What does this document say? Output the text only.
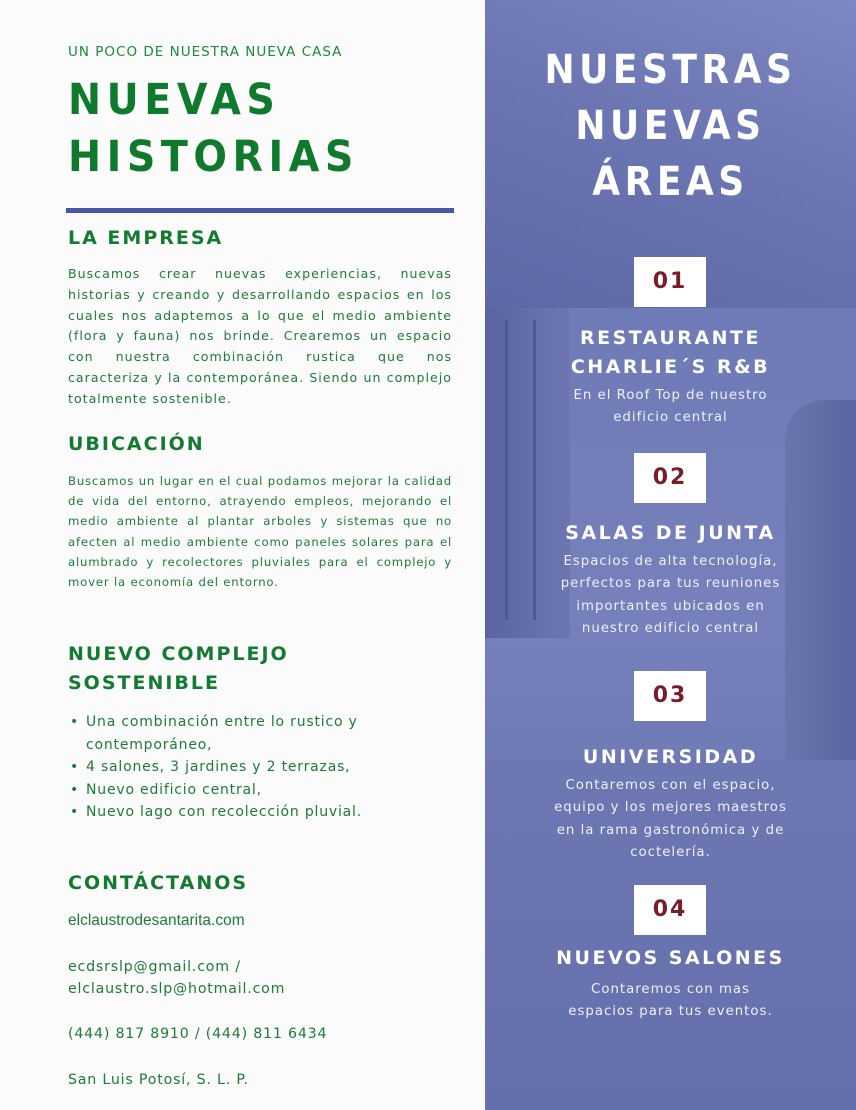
UN POCO DE NUESTRA NUEVA CASA
NUEVAS
HISTORIAS
LA EMPRESA

Buscamos crear nuevas experiencias, nuevas historias y creando y desarrollando espacios en los cuales nos adaptemos a lo que el medio ambiente (flora y fauna) nos brinde. Crearemos un espacio con nuestra combinación rustica que nos caracteriza y la contemporánea. Siendo un complejo totalmente sostenible.

UBICACIÓN

Buscamos un lugar en el cual podamos mejorar la calidad de vida del entorno, atrayendo empleos, mejorando el medio ambiente al plantar arboles y sistemas que no afecten al medio ambiente como paneles solares para el alumbrado y recolectores pluviales para el complejo y mover la economía del entorno.

NUEVO COMPLEJO
SOSTENIBLE
• Una combinación entre lo rustico y contemporáneo,
• 4 salones, 3 jardines y 2 terrazas,
• Nuevo edificio central,
• Nuevo lago con recolección pluvial.
CONTÁCTANOS
elclaustrodesantarita.com
ecdsrslp@gmail.com /
elclaustro.slp@hotmail.com
(444) 817 8910 / (444) 811 6434
San Luis Potosí, S. L. P.
NUESTRAS
NUEVAS
ÁREAS
01
RESTAURANTE
CHARLIE´S R&B

En el Roof Top de nuestro
edificio central

02
SALAS DE JUNTA

Espacios de alta tecnología,
perfectos para tus reuniones
importantes ubicados en
nuestro edificio central

03
UNIVERSIDAD

Contaremos con el espacio,
equipo y los mejores maestros
en la rama gastronómica y de
coctelería.

04
NUEVOS SALONES

Contaremos con mas
espacios para tus eventos.
